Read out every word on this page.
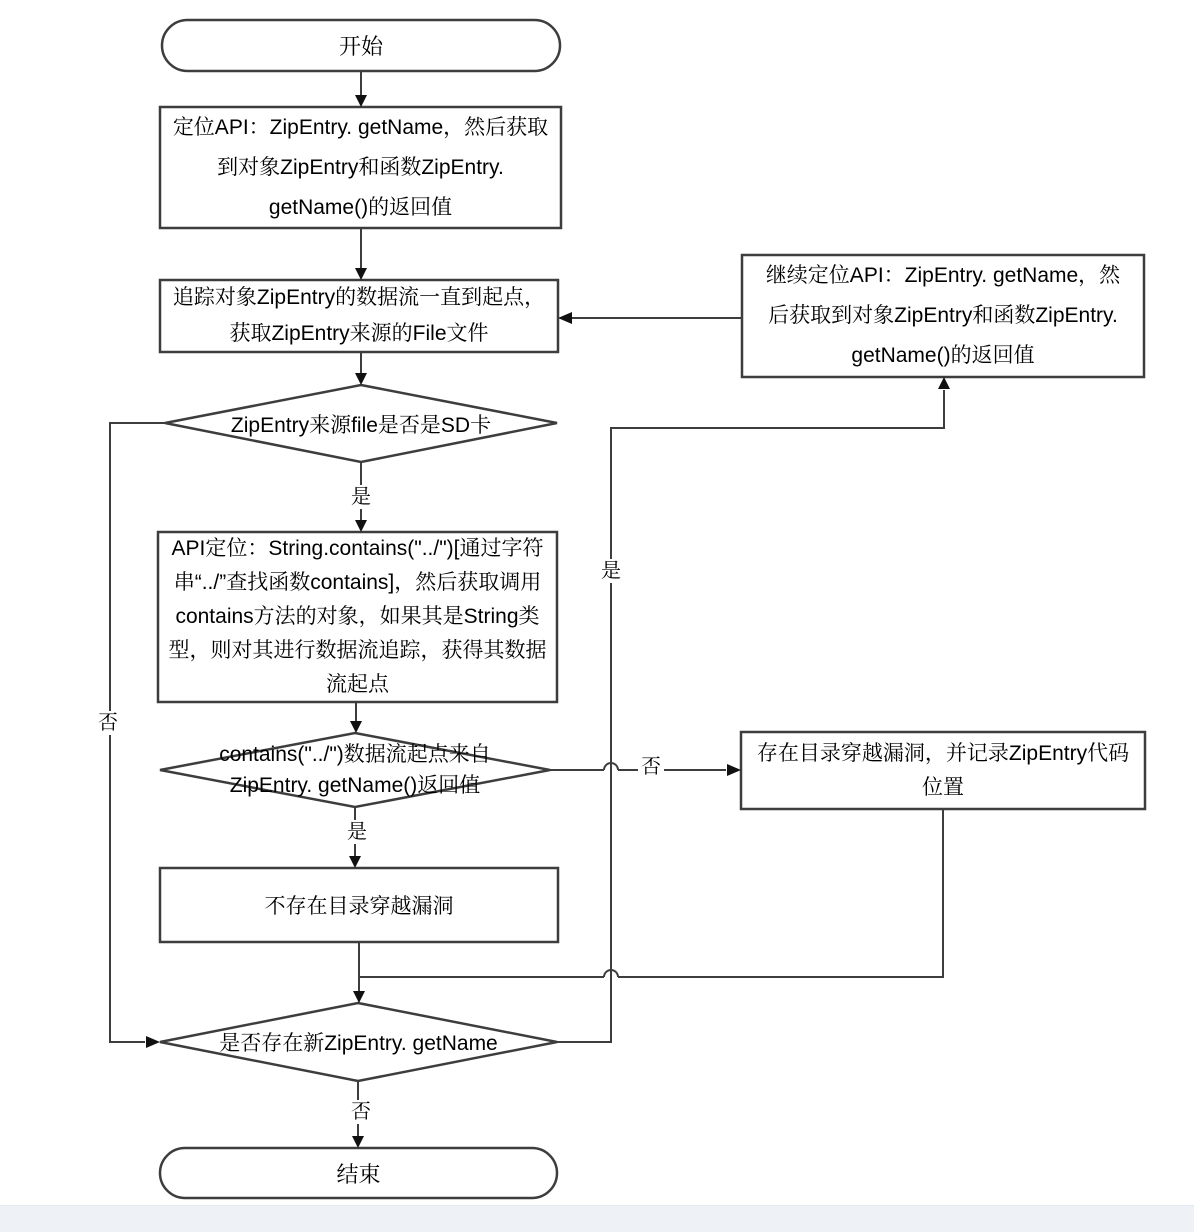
开始
定位API：ZipEntry. getName，然后获取到对象ZipEntry和函数ZipEntry. getName()的返回值
追踪对象ZipEntry的数据流一直到起点，获取ZipEntry来源的File文件
ZipEntry来源file是否是SD卡
API定位：String.contains("../")[通过字符串“../”查找函数contains]，然后获取调用contains方法的对象，如果其是String类型，则对其进行数据流追踪，获得其数据流起点
contains("../")数据流起点来自ZipEntry. getName()返回值
不存在目录穿越漏洞
是否存在新ZipEntry. getName
继续定位API：ZipEntry. getName，然后获取到对象ZipEntry和函数ZipEntry. getName()的返回值
存在目录穿越漏洞，并记录ZipEntry代码位置
结束
是
否
是
否
是
否
